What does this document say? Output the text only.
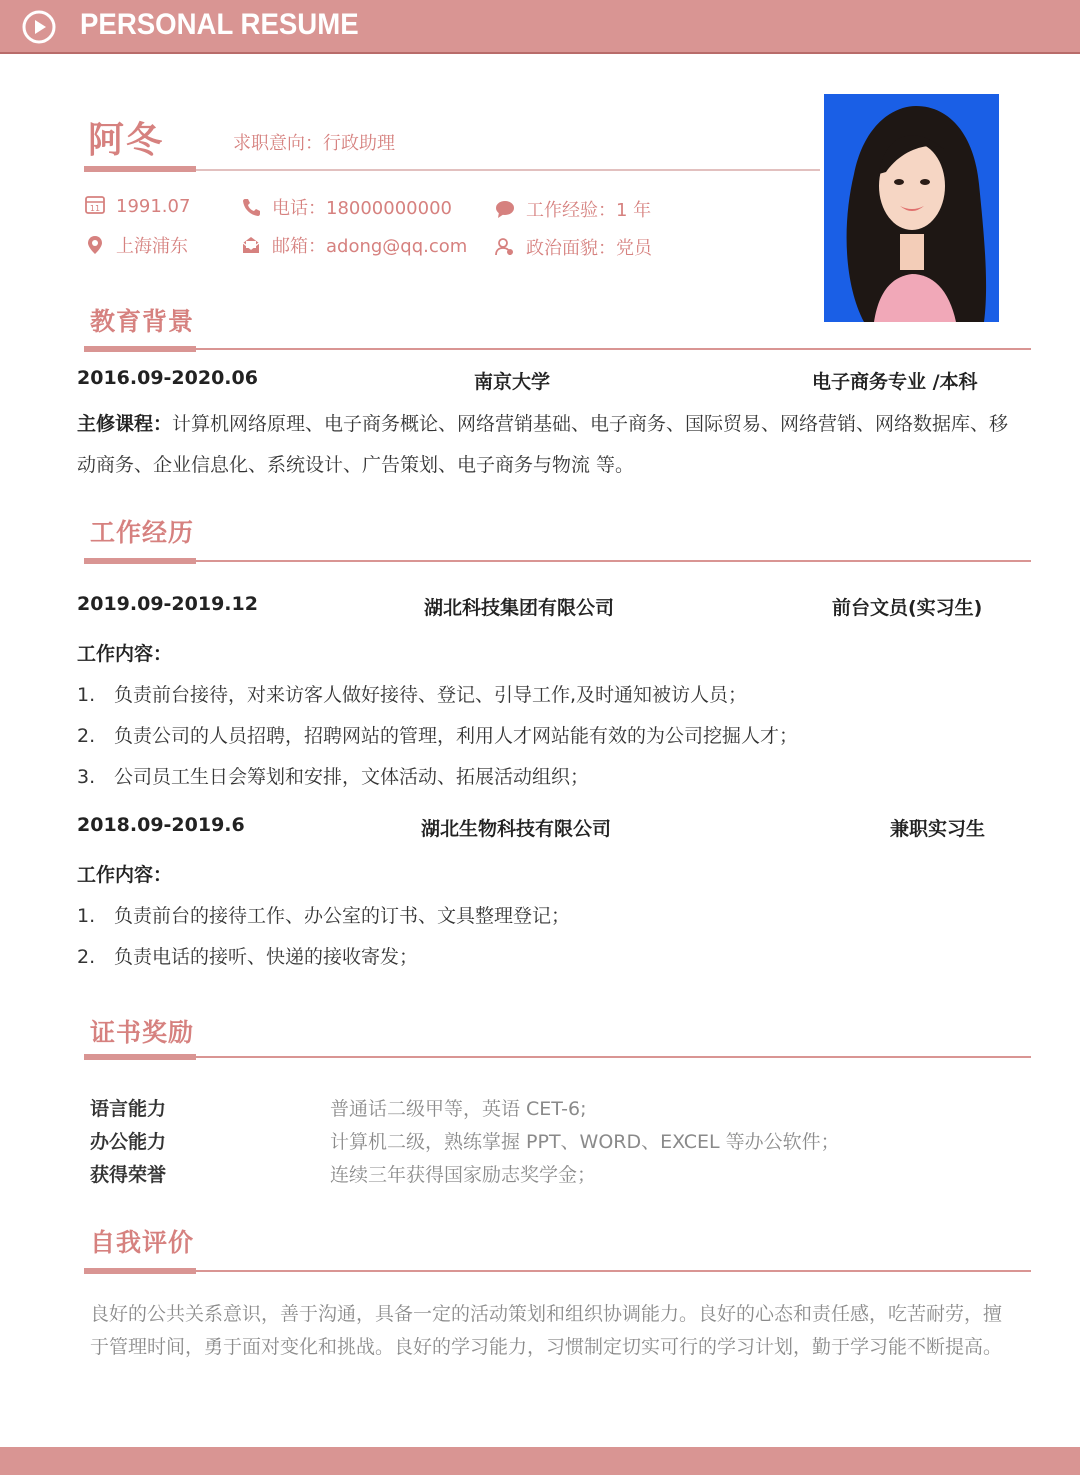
PERSONAL RESUME
阿冬	求职意向：行政助理
11 1991.07
上海浦东
电话：18000000000
邮箱：adong@qq.com
工作经验：1 年
政治面貌：党员
教育背景
2016.09-2020.06	南京大学	电子商务专业 /本科
主修课程：计算机网络原理、电子商务概论、网络营销基础、电子商务、国际贸易、网络营销、网络数据库、移动商务、企业信息化、系统设计、广告策划、电子商务与物流 等。
工作经历
2019.09-2019.12	湖北科技集团有限公司	前台文员(实习生)
工作内容：
1. 负责前台接待，对来访客人做好接待、登记、引导工作,及时通知被访人员；
2. 负责公司的人员招聘，招聘网站的管理，利用人才网站能有效的为公司挖掘人才；
3. 公司员工生日会筹划和安排，文体活动、拓展活动组织；
2018.09-2019.6	湖北生物科技有限公司	兼职实习生
工作内容：
1. 负责前台的接待工作、办公室的订书、文具整理登记；
2. 负责电话的接听、快递的接收寄发；
证书奖励
语言能力	普通话二级甲等，英语 CET-6;
办公能力	计算机二级，熟练掌握 PPT、WORD、EXCEL 等办公软件；
获得荣誉	连续三年获得国家励志奖学金；
自我评价
良好的公共关系意识，善于沟通，具备一定的活动策划和组织协调能力。良好的心态和责任感，吃苦耐劳，擅于管理时间，勇于面对变化和挑战。良好的学习能力，习惯制定切实可行的学习计划，勤于学习能不断提高。
